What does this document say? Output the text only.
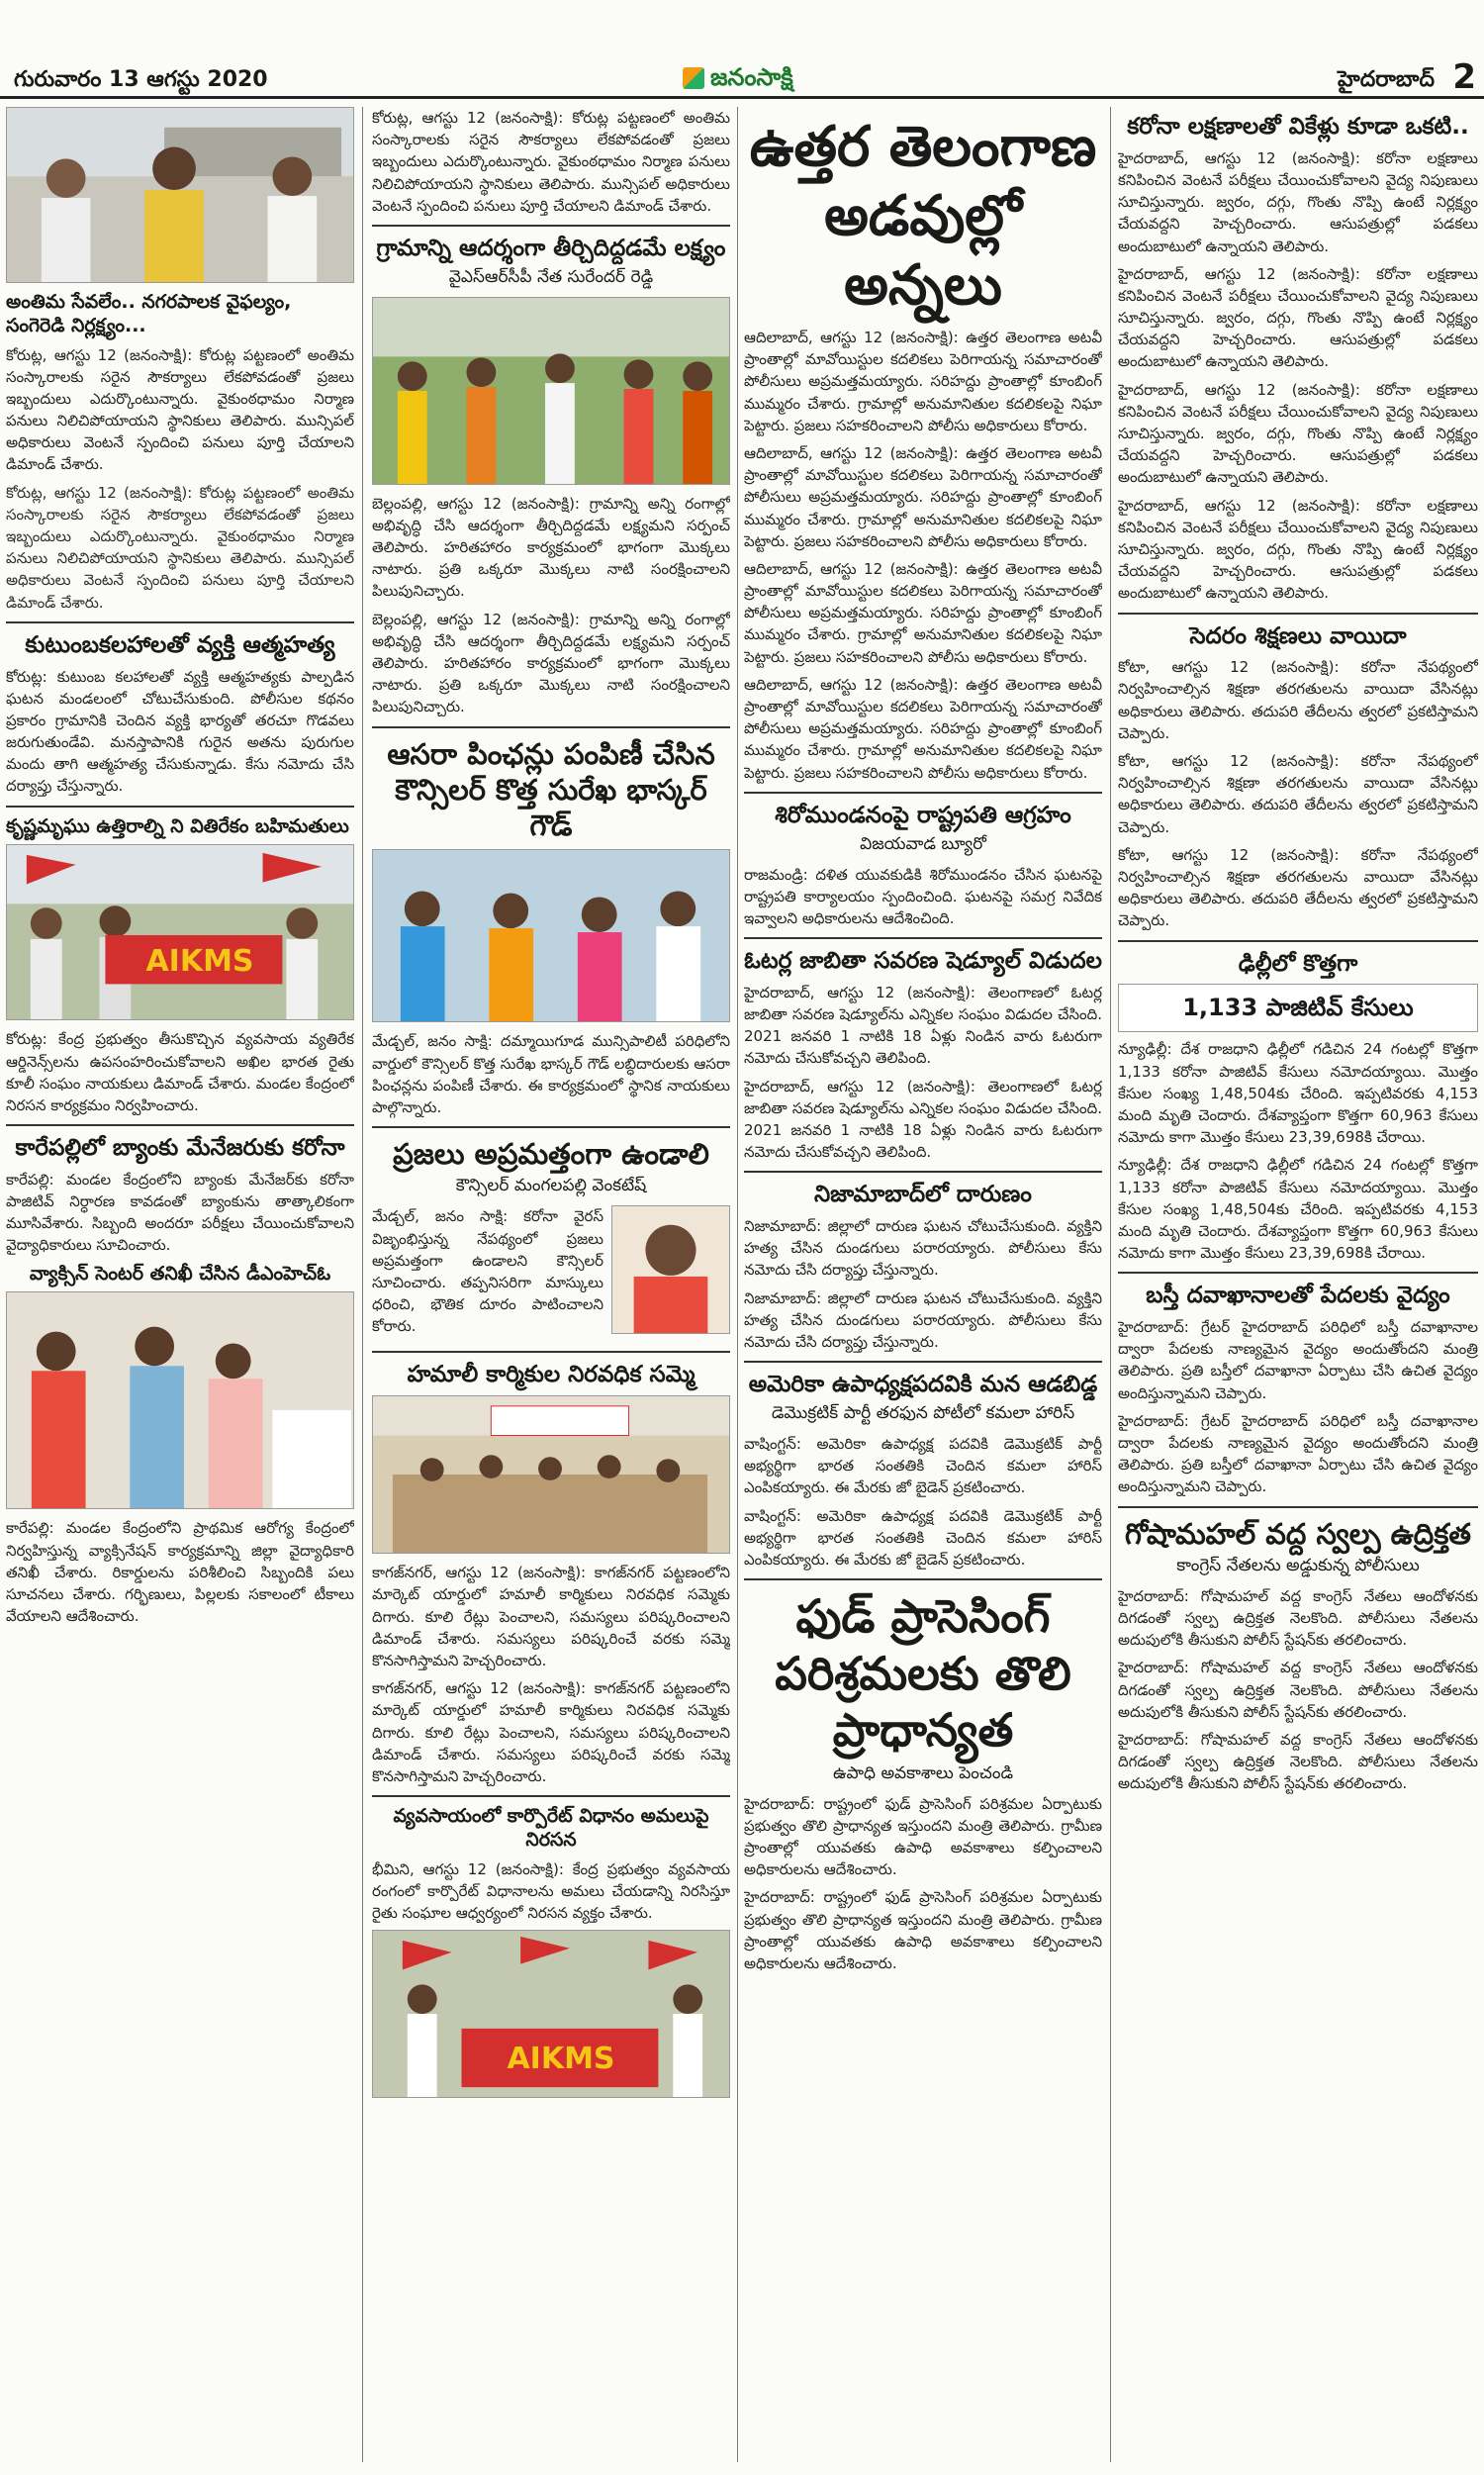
గురువారం 13 ఆగస్టు 2020	జనంసాక్షి	హైదరాబాద్ 2
అంతిమ సేవలేం.. నగరపాలక వైఫల్యం, సంగెరెడి నిర్లక్ష్యం...
కోరుట్ల, ఆగస్టు 12 (జనంసాక్షి): కోరుట్ల పట్టణంలో అంతిమ సంస్కారాలకు సరైన సౌకర్యాలు లేకపోవడంతో ప్రజలు ఇబ్బందులు ఎదుర్కొంటున్నారు. వైకుంఠధామం నిర్మాణ పనులు నిలిచిపోయాయని స్థానికులు తెలిపారు. మున్సిపల్ అధికారులు వెంటనే స్పందించి పనులు పూర్తి చేయాలని డిమాండ్ చేశారు.
కోరుట్ల, ఆగస్టు 12 (జనంసాక్షి): కోరుట్ల పట్టణంలో అంతిమ సంస్కారాలకు సరైన సౌకర్యాలు లేకపోవడంతో ప్రజలు ఇబ్బందులు ఎదుర్కొంటున్నారు. వైకుంఠధామం నిర్మాణ పనులు నిలిచిపోయాయని స్థానికులు తెలిపారు. మున్సిపల్ అధికారులు వెంటనే స్పందించి పనులు పూర్తి చేయాలని డిమాండ్ చేశారు.
కుటుంబకలహాలతో వ్యక్తి ఆత్మహత్య
కోరుట్ల: కుటుంబ కలహాలతో వ్యక్తి ఆత్మహత్యకు పాల్పడిన ఘటన మండలంలో చోటుచేసుకుంది. పోలీసుల కథనం ప్రకారం గ్రామానికి చెందిన వ్యక్తి భార్యతో తరచూ గొడవలు జరుగుతుండేవి. మనస్తాపానికి గురైన అతను పురుగుల మందు తాగి ఆత్మహత్య చేసుకున్నాడు. కేసు నమోదు చేసి దర్యాప్తు చేస్తున్నారు.
కృష్ణమృఘు ఉత్తిరాల్ని ని వితిరేకం బహిమతులు
AIKMS
కోరుట్ల: కేంద్ర ప్రభుత్వం తీసుకొచ్చిన వ్యవసాయ వ్యతిరేక ఆర్డినెన్స్‌లను ఉపసంహరించుకోవాలని అఖిల భారత రైతు కూలీ సంఘం నాయకులు డిమాండ్ చేశారు. మండల కేంద్రంలో నిరసన కార్యక్రమం నిర్వహించారు.
కారేపల్లిలో బ్యాంకు మేనేజరుకు కరోనా
కారేపల్లి: మండల కేంద్రంలోని బ్యాంకు మేనేజర్‌కు కరోనా పాజిటివ్ నిర్ధారణ కావడంతో బ్యాంకును తాత్కాలికంగా మూసివేశారు. సిబ్బంది అందరూ పరీక్షలు చేయించుకోవాలని వైద్యాధికారులు సూచించారు.
వ్యాక్సిన్ సెంటర్ తనిఖీ చేసిన డీఎంహెచ్ఓ
కారేపల్లి: మండల కేంద్రంలోని ప్రాథమిక ఆరోగ్య కేంద్రంలో నిర్వహిస్తున్న వ్యాక్సినేషన్ కార్యక్రమాన్ని జిల్లా వైద్యాధికారి తనిఖీ చేశారు. రికార్డులను పరిశీలించి సిబ్బందికి పలు సూచనలు చేశారు. గర్భిణులు, పిల్లలకు సకాలంలో టీకాలు వేయాలని ఆదేశించారు.
కోరుట్ల, ఆగస్టు 12 (జనంసాక్షి): కోరుట్ల పట్టణంలో అంతిమ సంస్కారాలకు సరైన సౌకర్యాలు లేకపోవడంతో ప్రజలు ఇబ్బందులు ఎదుర్కొంటున్నారు. వైకుంఠధామం నిర్మాణ పనులు నిలిచిపోయాయని స్థానికులు తెలిపారు. మున్సిపల్ అధికారులు వెంటనే స్పందించి పనులు పూర్తి చేయాలని డిమాండ్ చేశారు.
గ్రామాన్ని ఆదర్శంగా తీర్చిదిద్దడమే లక్ష్యం
వైఎస్ఆర్‌సీపీ నేత సురేందర్ రెడ్డి
బెల్లంపల్లి, ఆగస్టు 12 (జనంసాక్షి): గ్రామాన్ని అన్ని రంగాల్లో అభివృద్ధి చేసి ఆదర్శంగా తీర్చిదిద్దడమే లక్ష్యమని సర్పంచ్ తెలిపారు. హరితహారం కార్యక్రమంలో భాగంగా మొక్కలు నాటారు. ప్రతి ఒక్కరూ మొక్కలు నాటి సంరక్షించాలని పిలుపునిచ్చారు.
బెల్లంపల్లి, ఆగస్టు 12 (జనంసాక్షి): గ్రామాన్ని అన్ని రంగాల్లో అభివృద్ధి చేసి ఆదర్శంగా తీర్చిదిద్దడమే లక్ష్యమని సర్పంచ్ తెలిపారు. హరితహారం కార్యక్రమంలో భాగంగా మొక్కలు నాటారు. ప్రతి ఒక్కరూ మొక్కలు నాటి సంరక్షించాలని పిలుపునిచ్చారు.
ఆసరా పింఛన్లు పంపిణీ చేసిన కౌన్సిలర్ కొత్త సురేఖ భాస్కర్ గౌడ్
మేడ్చల్, జనం సాక్షి: దమ్మాయిగూడ మున్సిపాలిటీ పరిధిలోని వార్డులో కౌన్సిలర్ కొత్త సురేఖ భాస్కర్ గౌడ్ లబ్ధిదారులకు ఆసరా పింఛన్లను పంపిణీ చేశారు. ఈ కార్యక్రమంలో స్థానిక నాయకులు పాల్గొన్నారు.
ప్రజలు అప్రమత్తంగా ఉండాలి
కౌన్సిలర్ మంగలపల్లి వెంకటేష్
మేడ్చల్, జనం సాక్షి: కరోనా వైరస్ విజృంభిస్తున్న నేపథ్యంలో ప్రజలు అప్రమత్తంగా ఉండాలని కౌన్సిలర్ సూచించారు. తప్పనిసరిగా మాస్కులు ధరించి, భౌతిక దూరం పాటించాలని కోరారు.
హమాలీ కార్మికుల నిరవధిక సమ్మె
కాగజ్‌నగర్, ఆగస్టు 12 (జనంసాక్షి): కాగజ్‌నగర్ పట్టణంలోని మార్కెట్ యార్డులో హమాలీ కార్మికులు నిరవధిక సమ్మెకు దిగారు. కూలి రేట్లు పెంచాలని, సమస్యలు పరిష్కరించాలని డిమాండ్ చేశారు. సమస్యలు పరిష్కరించే వరకు సమ్మె కొనసాగిస్తామని హెచ్చరించారు.
కాగజ్‌నగర్, ఆగస్టు 12 (జనంసాక్షి): కాగజ్‌నగర్ పట్టణంలోని మార్కెట్ యార్డులో హమాలీ కార్మికులు నిరవధిక సమ్మెకు దిగారు. కూలి రేట్లు పెంచాలని, సమస్యలు పరిష్కరించాలని డిమాండ్ చేశారు. సమస్యలు పరిష్కరించే వరకు సమ్మె కొనసాగిస్తామని హెచ్చరించారు.
వ్యవసాయంలో కార్పొరేట్ విధానం అమలుపై నిరసన
భీమిని, ఆగస్టు 12 (జనంసాక్షి): కేంద్ర ప్రభుత్వం వ్యవసాయ రంగంలో కార్పొరేట్ విధానాలను అమలు చేయడాన్ని నిరసిస్తూ రైతు సంఘాల ఆధ్వర్యంలో నిరసన వ్యక్తం చేశారు.
AIKMS
ఉత్తర తెలంగాణ అడవుల్లో అన్నలు
ఆదిలాబాద్, ఆగస్టు 12 (జనంసాక్షి): ఉత్తర తెలంగాణ అటవీ ప్రాంతాల్లో మావోయిస్టుల కదలికలు పెరిగాయన్న సమాచారంతో పోలీసులు అప్రమత్తమయ్యారు. సరిహద్దు ప్రాంతాల్లో కూంబింగ్ ముమ్మరం చేశారు. గ్రామాల్లో అనుమానితుల కదలికలపై నిఘా పెట్టారు. ప్రజలు సహకరించాలని పోలీసు అధికారులు కోరారు.
ఆదిలాబాద్, ఆగస్టు 12 (జనంసాక్షి): ఉత్తర తెలంగాణ అటవీ ప్రాంతాల్లో మావోయిస్టుల కదలికలు పెరిగాయన్న సమాచారంతో పోలీసులు అప్రమత్తమయ్యారు. సరిహద్దు ప్రాంతాల్లో కూంబింగ్ ముమ్మరం చేశారు. గ్రామాల్లో అనుమానితుల కదలికలపై నిఘా పెట్టారు. ప్రజలు సహకరించాలని పోలీసు అధికారులు కోరారు.
ఆదిలాబాద్, ఆగస్టు 12 (జనంసాక్షి): ఉత్తర తెలంగాణ అటవీ ప్రాంతాల్లో మావోయిస్టుల కదలికలు పెరిగాయన్న సమాచారంతో పోలీసులు అప్రమత్తమయ్యారు. సరిహద్దు ప్రాంతాల్లో కూంబింగ్ ముమ్మరం చేశారు. గ్రామాల్లో అనుమానితుల కదలికలపై నిఘా పెట్టారు. ప్రజలు సహకరించాలని పోలీసు అధికారులు కోరారు.
ఆదిలాబాద్, ఆగస్టు 12 (జనంసాక్షి): ఉత్తర తెలంగాణ అటవీ ప్రాంతాల్లో మావోయిస్టుల కదలికలు పెరిగాయన్న సమాచారంతో పోలీసులు అప్రమత్తమయ్యారు. సరిహద్దు ప్రాంతాల్లో కూంబింగ్ ముమ్మరం చేశారు. గ్రామాల్లో అనుమానితుల కదలికలపై నిఘా పెట్టారు. ప్రజలు సహకరించాలని పోలీసు అధికారులు కోరారు.
శిరోముండనంపై రాష్ట్రపతి ఆగ్రహం
విజయవాడ బ్యూరో
రాజమండ్రి: దళిత యువకుడికి శిరోముండనం చేసిన ఘటనపై రాష్ట్రపతి కార్యాలయం స్పందించింది. ఘటనపై సమగ్ర నివేదిక ఇవ్వాలని అధికారులను ఆదేశించింది.
ఓటర్ల జాబితా సవరణ షెడ్యూల్ విడుదల
హైదరాబాద్, ఆగస్టు 12 (జనంసాక్షి): తెలంగాణలో ఓటర్ల జాబితా సవరణ షెడ్యూల్‌ను ఎన్నికల సంఘం విడుదల చేసింది. 2021 జనవరి 1 నాటికి 18 ఏళ్లు నిండిన వారు ఓటరుగా నమోదు చేసుకోవచ్చని తెలిపింది.
హైదరాబాద్, ఆగస్టు 12 (జనంసాక్షి): తెలంగాణలో ఓటర్ల జాబితా సవరణ షెడ్యూల్‌ను ఎన్నికల సంఘం విడుదల చేసింది. 2021 జనవరి 1 నాటికి 18 ఏళ్లు నిండిన వారు ఓటరుగా నమోదు చేసుకోవచ్చని తెలిపింది.
నిజామాబాద్‌లో దారుణం
నిజామాబాద్: జిల్లాలో దారుణ ఘటన చోటుచేసుకుంది. వ్యక్తిని హత్య చేసిన దుండగులు పరారయ్యారు. పోలీసులు కేసు నమోదు చేసి దర్యాప్తు చేస్తున్నారు.
నిజామాబాద్: జిల్లాలో దారుణ ఘటన చోటుచేసుకుంది. వ్యక్తిని హత్య చేసిన దుండగులు పరారయ్యారు. పోలీసులు కేసు నమోదు చేసి దర్యాప్తు చేస్తున్నారు.
అమెరికా ఉపాధ్యక్షపదవికి మన ఆడబిడ్డ
డెమొక్రటిక్ పార్టీ తరఫున పోటీలో కమలా హారిస్
వాషింగ్టన్: అమెరికా ఉపాధ్యక్ష పదవికి డెమొక్రటిక్ పార్టీ అభ్యర్థిగా భారత సంతతికి చెందిన కమలా హారిస్ ఎంపికయ్యారు. ఈ మేరకు జో బైడెన్ ప్రకటించారు.
వాషింగ్టన్: అమెరికా ఉపాధ్యక్ష పదవికి డెమొక్రటిక్ పార్టీ అభ్యర్థిగా భారత సంతతికి చెందిన కమలా హారిస్ ఎంపికయ్యారు. ఈ మేరకు జో బైడెన్ ప్రకటించారు.
ఫుడ్ ప్రాసెసింగ్ పరిశ్రమలకు తొలి ప్రాధాన్యత
ఉపాధి అవకాశాలు పెంచండి
హైదరాబాద్: రాష్ట్రంలో ఫుడ్ ప్రాసెసింగ్ పరిశ్రమల ఏర్పాటుకు ప్రభుత్వం తొలి ప్రాధాన్యత ఇస్తుందని మంత్రి తెలిపారు. గ్రామీణ ప్రాంతాల్లో యువతకు ఉపాధి అవకాశాలు కల్పించాలని అధికారులను ఆదేశించారు.
హైదరాబాద్: రాష్ట్రంలో ఫుడ్ ప్రాసెసింగ్ పరిశ్రమల ఏర్పాటుకు ప్రభుత్వం తొలి ప్రాధాన్యత ఇస్తుందని మంత్రి తెలిపారు. గ్రామీణ ప్రాంతాల్లో యువతకు ఉపాధి అవకాశాలు కల్పించాలని అధికారులను ఆదేశించారు.
కరోనా లక్షణాలతో వికేళ్లు కూడా ఒకటి..
హైదరాబాద్, ఆగస్టు 12 (జనంసాక్షి): కరోనా లక్షణాలు కనిపించిన వెంటనే పరీక్షలు చేయించుకోవాలని వైద్య నిపుణులు సూచిస్తున్నారు. జ్వరం, దగ్గు, గొంతు నొప్పి ఉంటే నిర్లక్ష్యం చేయవద్దని హెచ్చరించారు. ఆసుపత్రుల్లో పడకలు అందుబాటులో ఉన్నాయని తెలిపారు.
హైదరాబాద్, ఆగస్టు 12 (జనంసాక్షి): కరోనా లక్షణాలు కనిపించిన వెంటనే పరీక్షలు చేయించుకోవాలని వైద్య నిపుణులు సూచిస్తున్నారు. జ్వరం, దగ్గు, గొంతు నొప్పి ఉంటే నిర్లక్ష్యం చేయవద్దని హెచ్చరించారు. ఆసుపత్రుల్లో పడకలు అందుబాటులో ఉన్నాయని తెలిపారు.
హైదరాబాద్, ఆగస్టు 12 (జనంసాక్షి): కరోనా లక్షణాలు కనిపించిన వెంటనే పరీక్షలు చేయించుకోవాలని వైద్య నిపుణులు సూచిస్తున్నారు. జ్వరం, దగ్గు, గొంతు నొప్పి ఉంటే నిర్లక్ష్యం చేయవద్దని హెచ్చరించారు. ఆసుపత్రుల్లో పడకలు అందుబాటులో ఉన్నాయని తెలిపారు.
హైదరాబాద్, ఆగస్టు 12 (జనంసాక్షి): కరోనా లక్షణాలు కనిపించిన వెంటనే పరీక్షలు చేయించుకోవాలని వైద్య నిపుణులు సూచిస్తున్నారు. జ్వరం, దగ్గు, గొంతు నొప్పి ఉంటే నిర్లక్ష్యం చేయవద్దని హెచ్చరించారు. ఆసుపత్రుల్లో పడకలు అందుబాటులో ఉన్నాయని తెలిపారు.
సెదరం శిక్షణలు వాయిదా
కోటా, ఆగస్టు 12 (జనంసాక్షి): కరోనా నేపథ్యంలో నిర్వహించాల్సిన శిక్షణా తరగతులను వాయిదా వేసినట్లు అధికారులు తెలిపారు. తదుపరి తేదీలను త్వరలో ప్రకటిస్తామని చెప్పారు.
కోటా, ఆగస్టు 12 (జనంసాక్షి): కరోనా నేపథ్యంలో నిర్వహించాల్సిన శిక్షణా తరగతులను వాయిదా వేసినట్లు అధికారులు తెలిపారు. తదుపరి తేదీలను త్వరలో ప్రకటిస్తామని చెప్పారు.
కోటా, ఆగస్టు 12 (జనంసాక్షి): కరోనా నేపథ్యంలో నిర్వహించాల్సిన శిక్షణా తరగతులను వాయిదా వేసినట్లు అధికారులు తెలిపారు. తదుపరి తేదీలను త్వరలో ప్రకటిస్తామని చెప్పారు.
ఢిల్లీలో కొత్తగా
1,133 పాజిటివ్ కేసులు
న్యూఢిల్లీ: దేశ రాజధాని ఢిల్లీలో గడిచిన 24 గంటల్లో కొత్తగా 1,133 కరోనా పాజిటివ్ కేసులు నమోదయ్యాయి. మొత్తం కేసుల సంఖ్య 1,48,504కు చేరింది. ఇప్పటివరకు 4,153 మంది మృతి చెందారు. దేశవ్యాప్తంగా కొత్తగా 60,963 కేసులు నమోదు కాగా మొత్తం కేసులు 23,39,698కి చేరాయి.
న్యూఢిల్లీ: దేశ రాజధాని ఢిల్లీలో గడిచిన 24 గంటల్లో కొత్తగా 1,133 కరోనా పాజిటివ్ కేసులు నమోదయ్యాయి. మొత్తం కేసుల సంఖ్య 1,48,504కు చేరింది. ఇప్పటివరకు 4,153 మంది మృతి చెందారు. దేశవ్యాప్తంగా కొత్తగా 60,963 కేసులు నమోదు కాగా మొత్తం కేసులు 23,39,698కి చేరాయి.
బస్తీ దవాఖానాలతో పేదలకు వైద్యం
హైదరాబాద్: గ్రేటర్ హైదరాబాద్ పరిధిలో బస్తీ దవాఖానాల ద్వారా పేదలకు నాణ్యమైన వైద్యం అందుతోందని మంత్రి తెలిపారు. ప్రతి బస్తీలో దవాఖానా ఏర్పాటు చేసి ఉచిత వైద్యం అందిస్తున్నామని చెప్పారు.
హైదరాబాద్: గ్రేటర్ హైదరాబాద్ పరిధిలో బస్తీ దవాఖానాల ద్వారా పేదలకు నాణ్యమైన వైద్యం అందుతోందని మంత్రి తెలిపారు. ప్రతి బస్తీలో దవాఖానా ఏర్పాటు చేసి ఉచిత వైద్యం అందిస్తున్నామని చెప్పారు.
గోషామహల్ వద్ద స్వల్ప ఉద్రిక్తత
కాంగ్రెస్ నేతలను అడ్డుకున్న పోలీసులు
హైదరాబాద్: గోషామహల్ వద్ద కాంగ్రెస్ నేతలు ఆందోళనకు దిగడంతో స్వల్ప ఉద్రిక్తత నెలకొంది. పోలీసులు నేతలను అదుపులోకి తీసుకుని పోలీస్ స్టేషన్‌కు తరలించారు.
హైదరాబాద్: గోషామహల్ వద్ద కాంగ్రెస్ నేతలు ఆందోళనకు దిగడంతో స్వల్ప ఉద్రిక్తత నెలకొంది. పోలీసులు నేతలను అదుపులోకి తీసుకుని పోలీస్ స్టేషన్‌కు తరలించారు.
హైదరాబాద్: గోషామహల్ వద్ద కాంగ్రెస్ నేతలు ఆందోళనకు దిగడంతో స్వల్ప ఉద్రిక్తత నెలకొంది. పోలీసులు నేతలను అదుపులోకి తీసుకుని పోలీస్ స్టేషన్‌కు తరలించారు.
